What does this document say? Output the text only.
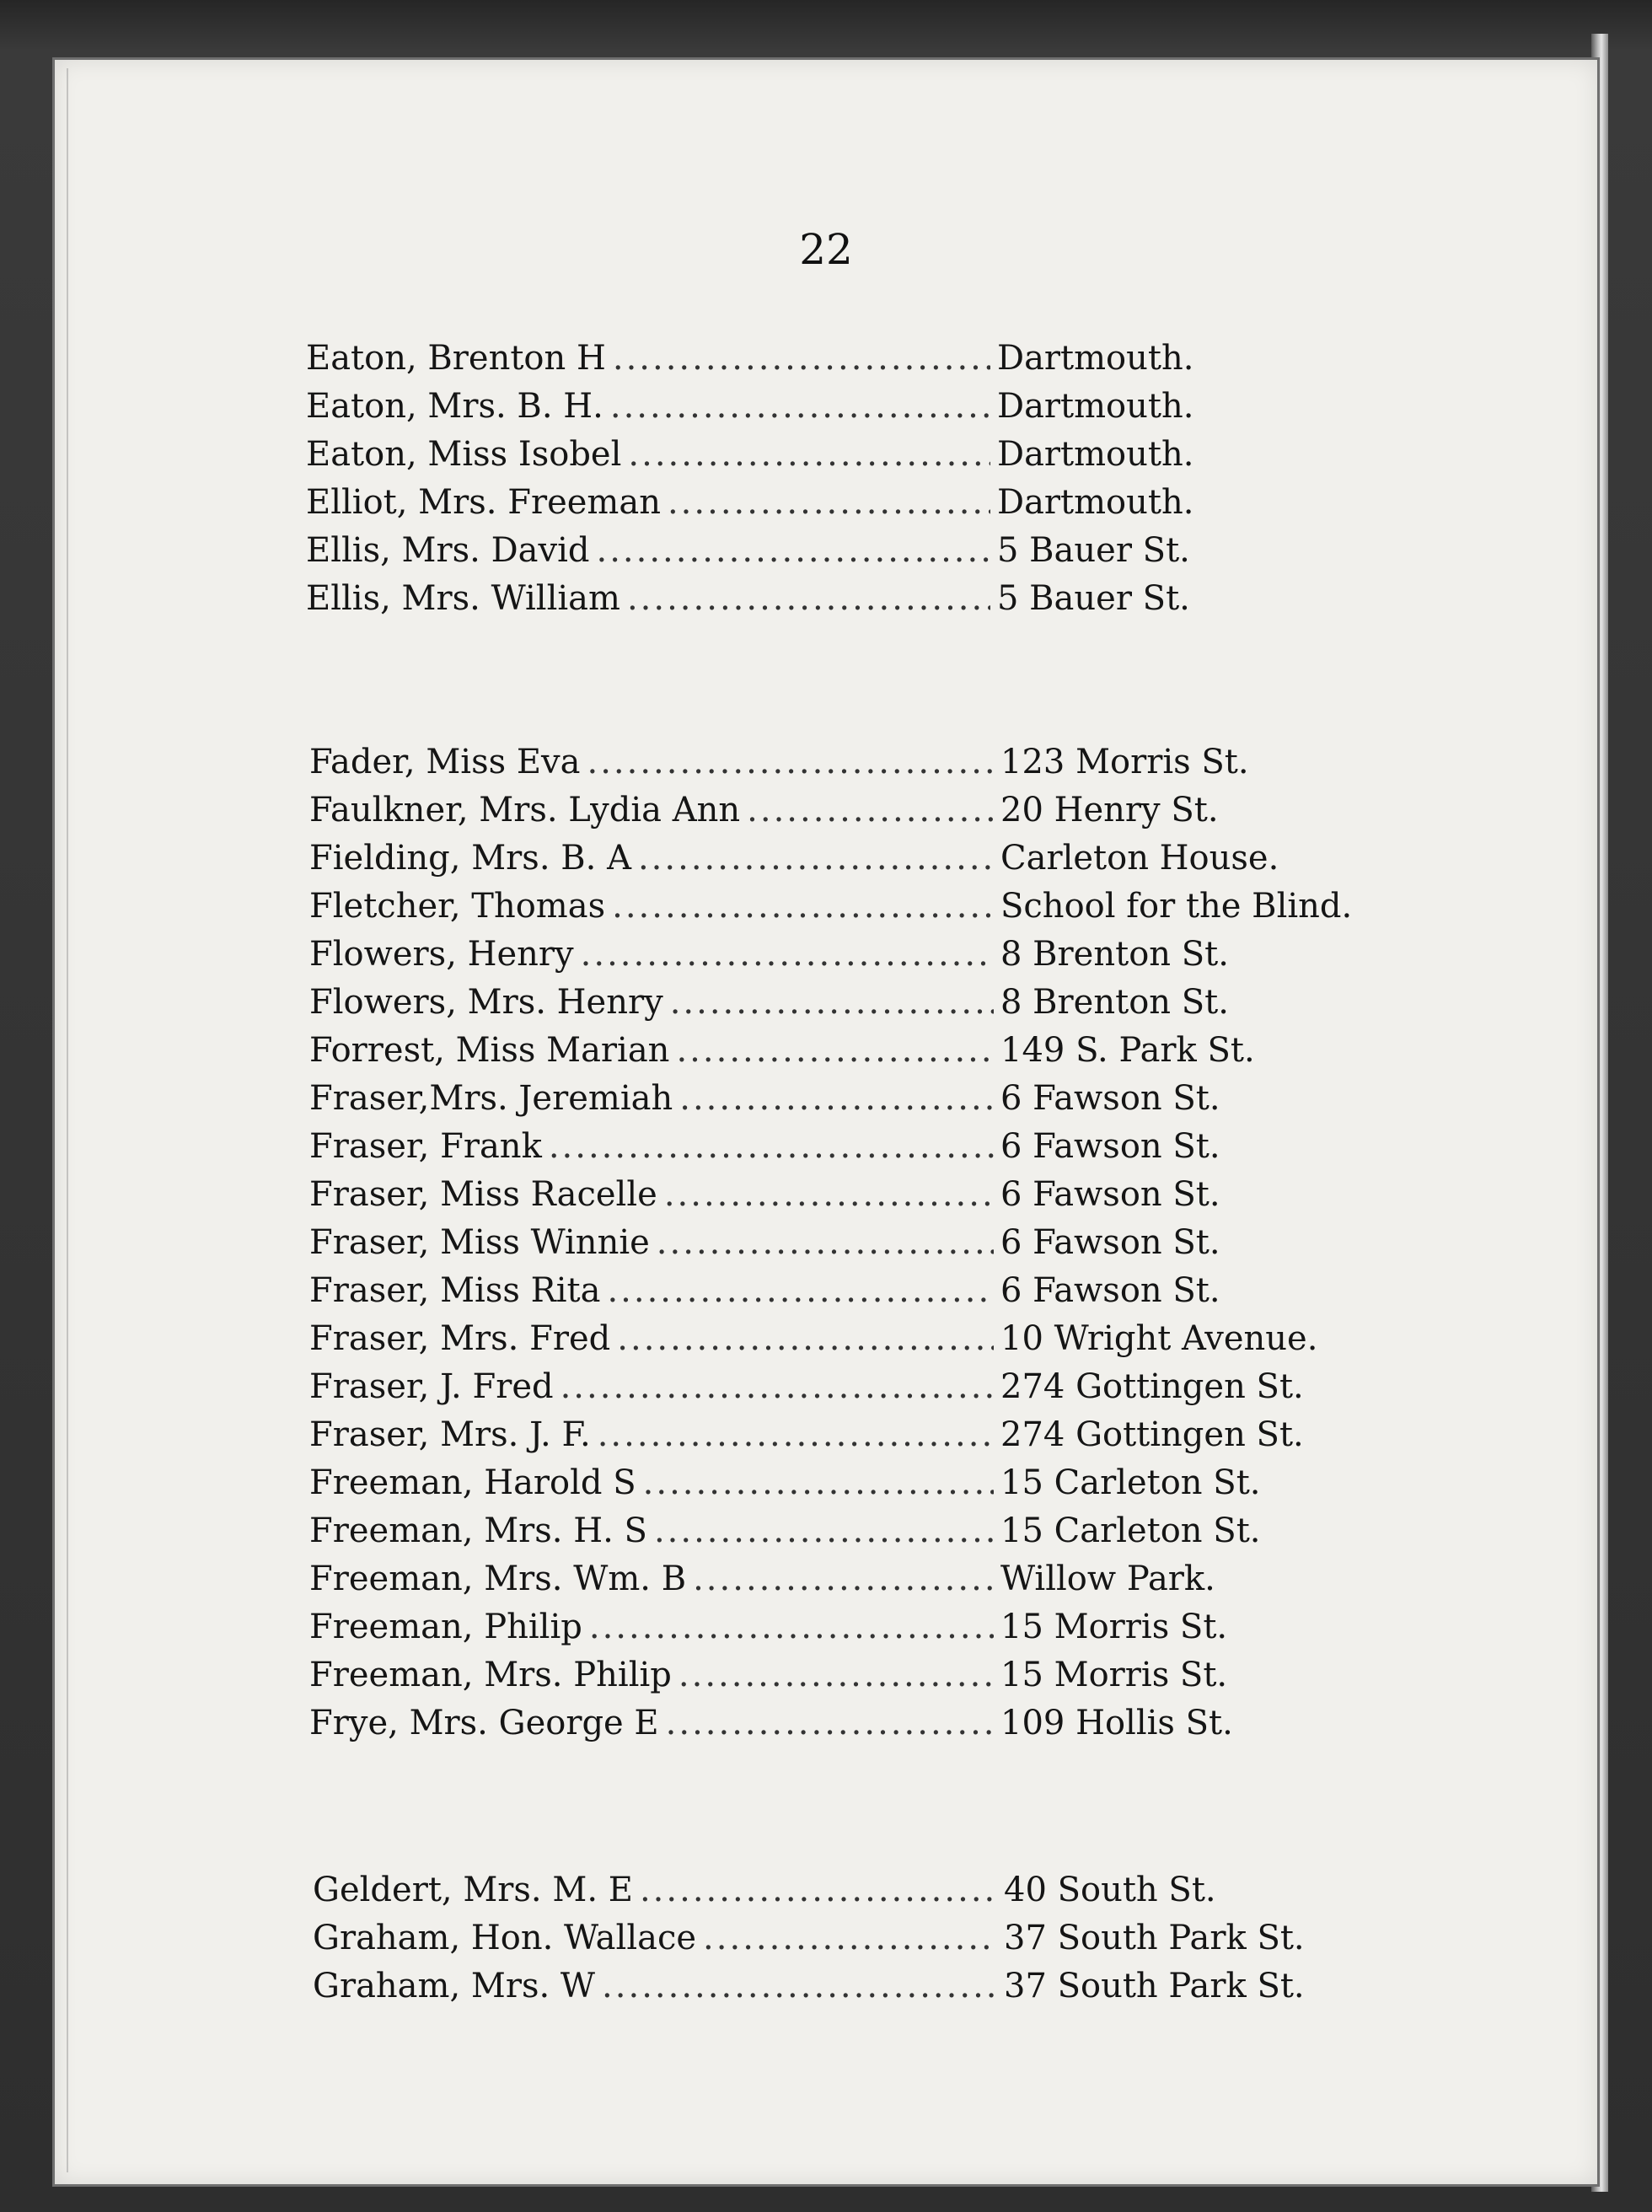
22
Eaton, Brenton H .....	Dartmouth.
Eaton, Mrs. B. H. .....	Dartmouth.
Eaton, Miss Isobel .....	Dartmouth.
Elliot, Mrs. Freeman .....	Dartmouth.
Ellis, Mrs. David .....	5 Bauer St.
Ellis, Mrs. William .....	5 Bauer St.
Fader, Miss Eva .....	123 Morris St.
Faulkner, Mrs. Lydia Ann .....	20 Henry St.
Fielding, Mrs. B. A .....	Carleton House.
Fletcher, Thomas .....	School for the Blind.
Flowers, Henry .....	8 Brenton St.
Flowers, Mrs. Henry .....	8 Brenton St.
Forrest, Miss Marian .....	149 S. Park St.
Fraser,Mrs. Jeremiah .....	6 Fawson St.
Fraser, Frank .....	6 Fawson St.
Fraser, Miss Racelle .....	6 Fawson St.
Fraser, Miss Winnie .....	6 Fawson St.
Fraser, Miss Rita .....	6 Fawson St.
Fraser, Mrs. Fred .....	10 Wright Avenue.
Fraser, J. Fred .....	274 Gottingen St.
Fraser, Mrs. J. F. .....	274 Gottingen St.
Freeman, Harold S .....	15 Carleton St.
Freeman, Mrs. H. S .....	15 Carleton St.
Freeman, Mrs. Wm. B .....	Willow Park.
Freeman, Philip .....	15 Morris St.
Freeman, Mrs. Philip .....	15 Morris St.
Frye, Mrs. George E .....	109 Hollis St.
Geldert, Mrs. M. E .....	40 South St.
Graham, Hon. Wallace .....	37 South Park St.
Graham, Mrs. W .....	37 South Park St.
